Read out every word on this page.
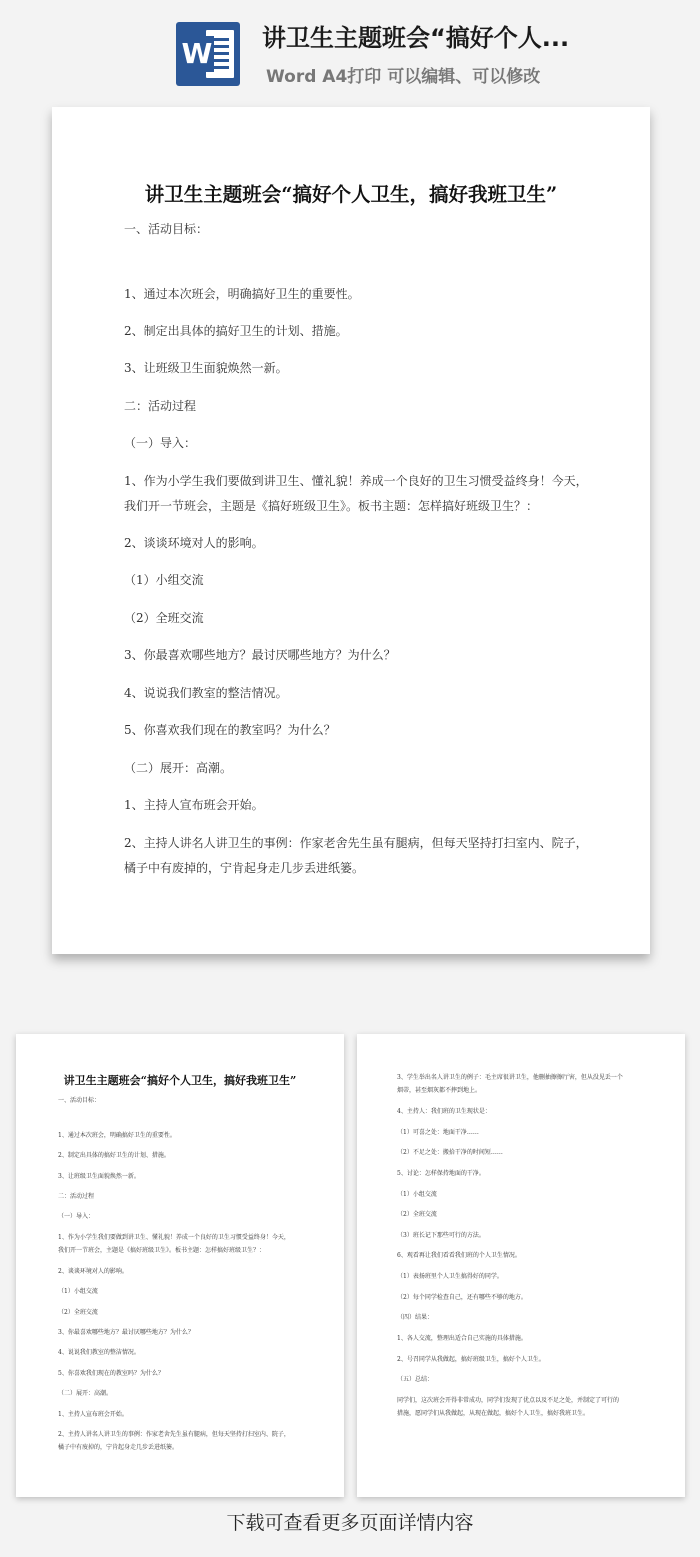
W 讲卫生主题班会“搞好个人...
Word A4打印 可以编辑、可以修改
讲卫生主题班会“搞好个人卫生，搞好我班卫生”
一、活动目标：
1、通过本次班会，明确搞好卫生的重要性。
2、制定出具体的搞好卫生的计划、措施。
3、让班级卫生面貌焕然一新。
二：活动过程
（一）导入：
1、作为小学生我们要做到讲卫生、懂礼貌！养成一个良好的卫生习惯受益终身！今天，
我们开一节班会，主题是《搞好班级卫生》。板书主题：怎样搞好班级卫生？：
2、谈谈环境对人的影响。
（1）小组交流
（2）全班交流
3、你最喜欢哪些地方？最讨厌哪些地方？为什么？
4、说说我们教室的整洁情况。
5、你喜欢我们现在的教室吗？为什么？
（二）展开：高潮。
1、主持人宣布班会开始。
2、主持人讲名人讲卫生的事例：作家老舍先生虽有腿病，但每天坚持打扫室内、院子，
橘子中有废掉的，宁肯起身走几步丢进纸篓。
讲卫生主题班会“搞好个人卫生，搞好我班卫生”
一、活动目标：
1、通过本次班会，明确搞好卫生的重要性。
2、制定出具体的搞好卫生的计划、措施。
3、让班级卫生面貌焕然一新。
二：活动过程
（一）导入：
1、作为小学生我们要做到讲卫生、懂礼貌！养成一个良好的卫生习惯受益终身！今天，
我们开一节班会，主题是《搞好班级卫生》。板书主题：怎样搞好班级卫生？：
2、谈谈环境对人的影响。
（1）小组交流
（2）全班交流
3、你最喜欢哪些地方？最讨厌哪些地方？为什么？
4、说说我们教室的整洁情况。
5、你喜欢我们现在的教室吗？为什么？
（二）展开：高潮。
1、主持人宣布班会开始。
2、主持人讲名人讲卫生的事例：作家老舍先生虽有腿病，但每天坚持打扫室内、院子，
橘子中有废掉的，宁肯起身走几步丢进纸篓。
3、学生举出名人讲卫生的例子：毛主席很讲卫生，他删抽擦擦厅害，但从没见丢一个
烟蒂，甚至烟灰都不摔到地上。
4、主持人：我们班的卫生现状是：
（1）可喜之处：地面干净……
（2）不足之处：搬拾干净的时间短……
5、讨论：怎样保持地面的干净。
（1）小组交流
（2）全班交流
（3）班长记下那些可行的方法。
6、观看再让我们看看我们班的个人卫生情况。
（1）表扬班里个人卫生搞得好的同学。
（2）每个同学检查自己，还有哪些不够的地方。
（四）结果：
1、各人交流，整理出适合自己实施的具体措施。
2、号召同学从我做起，搞好班级卫生，搞好个人卫生。
（五）总结：
同学们，这次班会开得非常成功，同学们发现了优点以及不足之处，并制定了可行的
措施，愿同学们从我做起，从现在做起，搞好个人卫生，搞好我班卫生。
下载可查看更多页面详情内容
